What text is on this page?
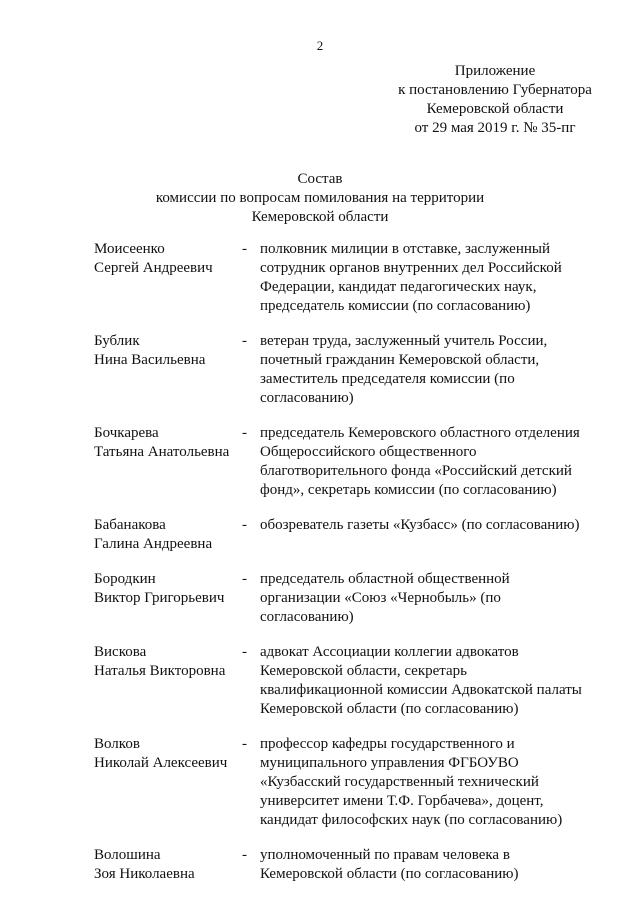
2
Приложение
к постановлению Губернатора
Кемеровской области
от 29 мая 2019 г. № 35-пг
Состав
комиссии по вопросам помилования на территории
Кемеровской области
Моисеенко
Сергей Андреевич
- полковник милиции в отставке, заслуженный
сотрудник органов внутренних дел Российской
Федерации, кандидат педагогических наук,
председатель комиссии (по согласованию)
Бублик
Нина Васильевна
- ветеран труда, заслуженный учитель России,
почетный гражданин Кемеровской области,
заместитель председателя комиссии (по
согласованию)
Бочкарева
Татьяна Анатольевна
- председатель Кемеровского областного отделения
Общероссийского общественного
благотворительного фонда «Российский детский
фонд», секретарь комиссии (по согласованию)
Бабанакова
Галина Андреевна
- обозреватель газеты «Кузбасс» (по согласованию)
Бородкин
Виктор Григорьевич
- председатель областной общественной
организации «Союз «Чернобыль» (по
согласованию)
Вискова
Наталья Викторовна
- адвокат Ассоциации коллегии адвокатов
Кемеровской области, секретарь
квалификационной комиссии Адвокатской палаты
Кемеровской области (по согласованию)
Волков
Николай Алексеевич
- профессор кафедры государственного и
муниципального управления ФГБОУВО
«Кузбасский государственный технический
университет имени Т.Ф. Горбачева», доцент,
кандидат философских наук (по согласованию)
Волошина
Зоя Николаевна
- уполномоченный по правам человека в
Кемеровской области (по согласованию)
